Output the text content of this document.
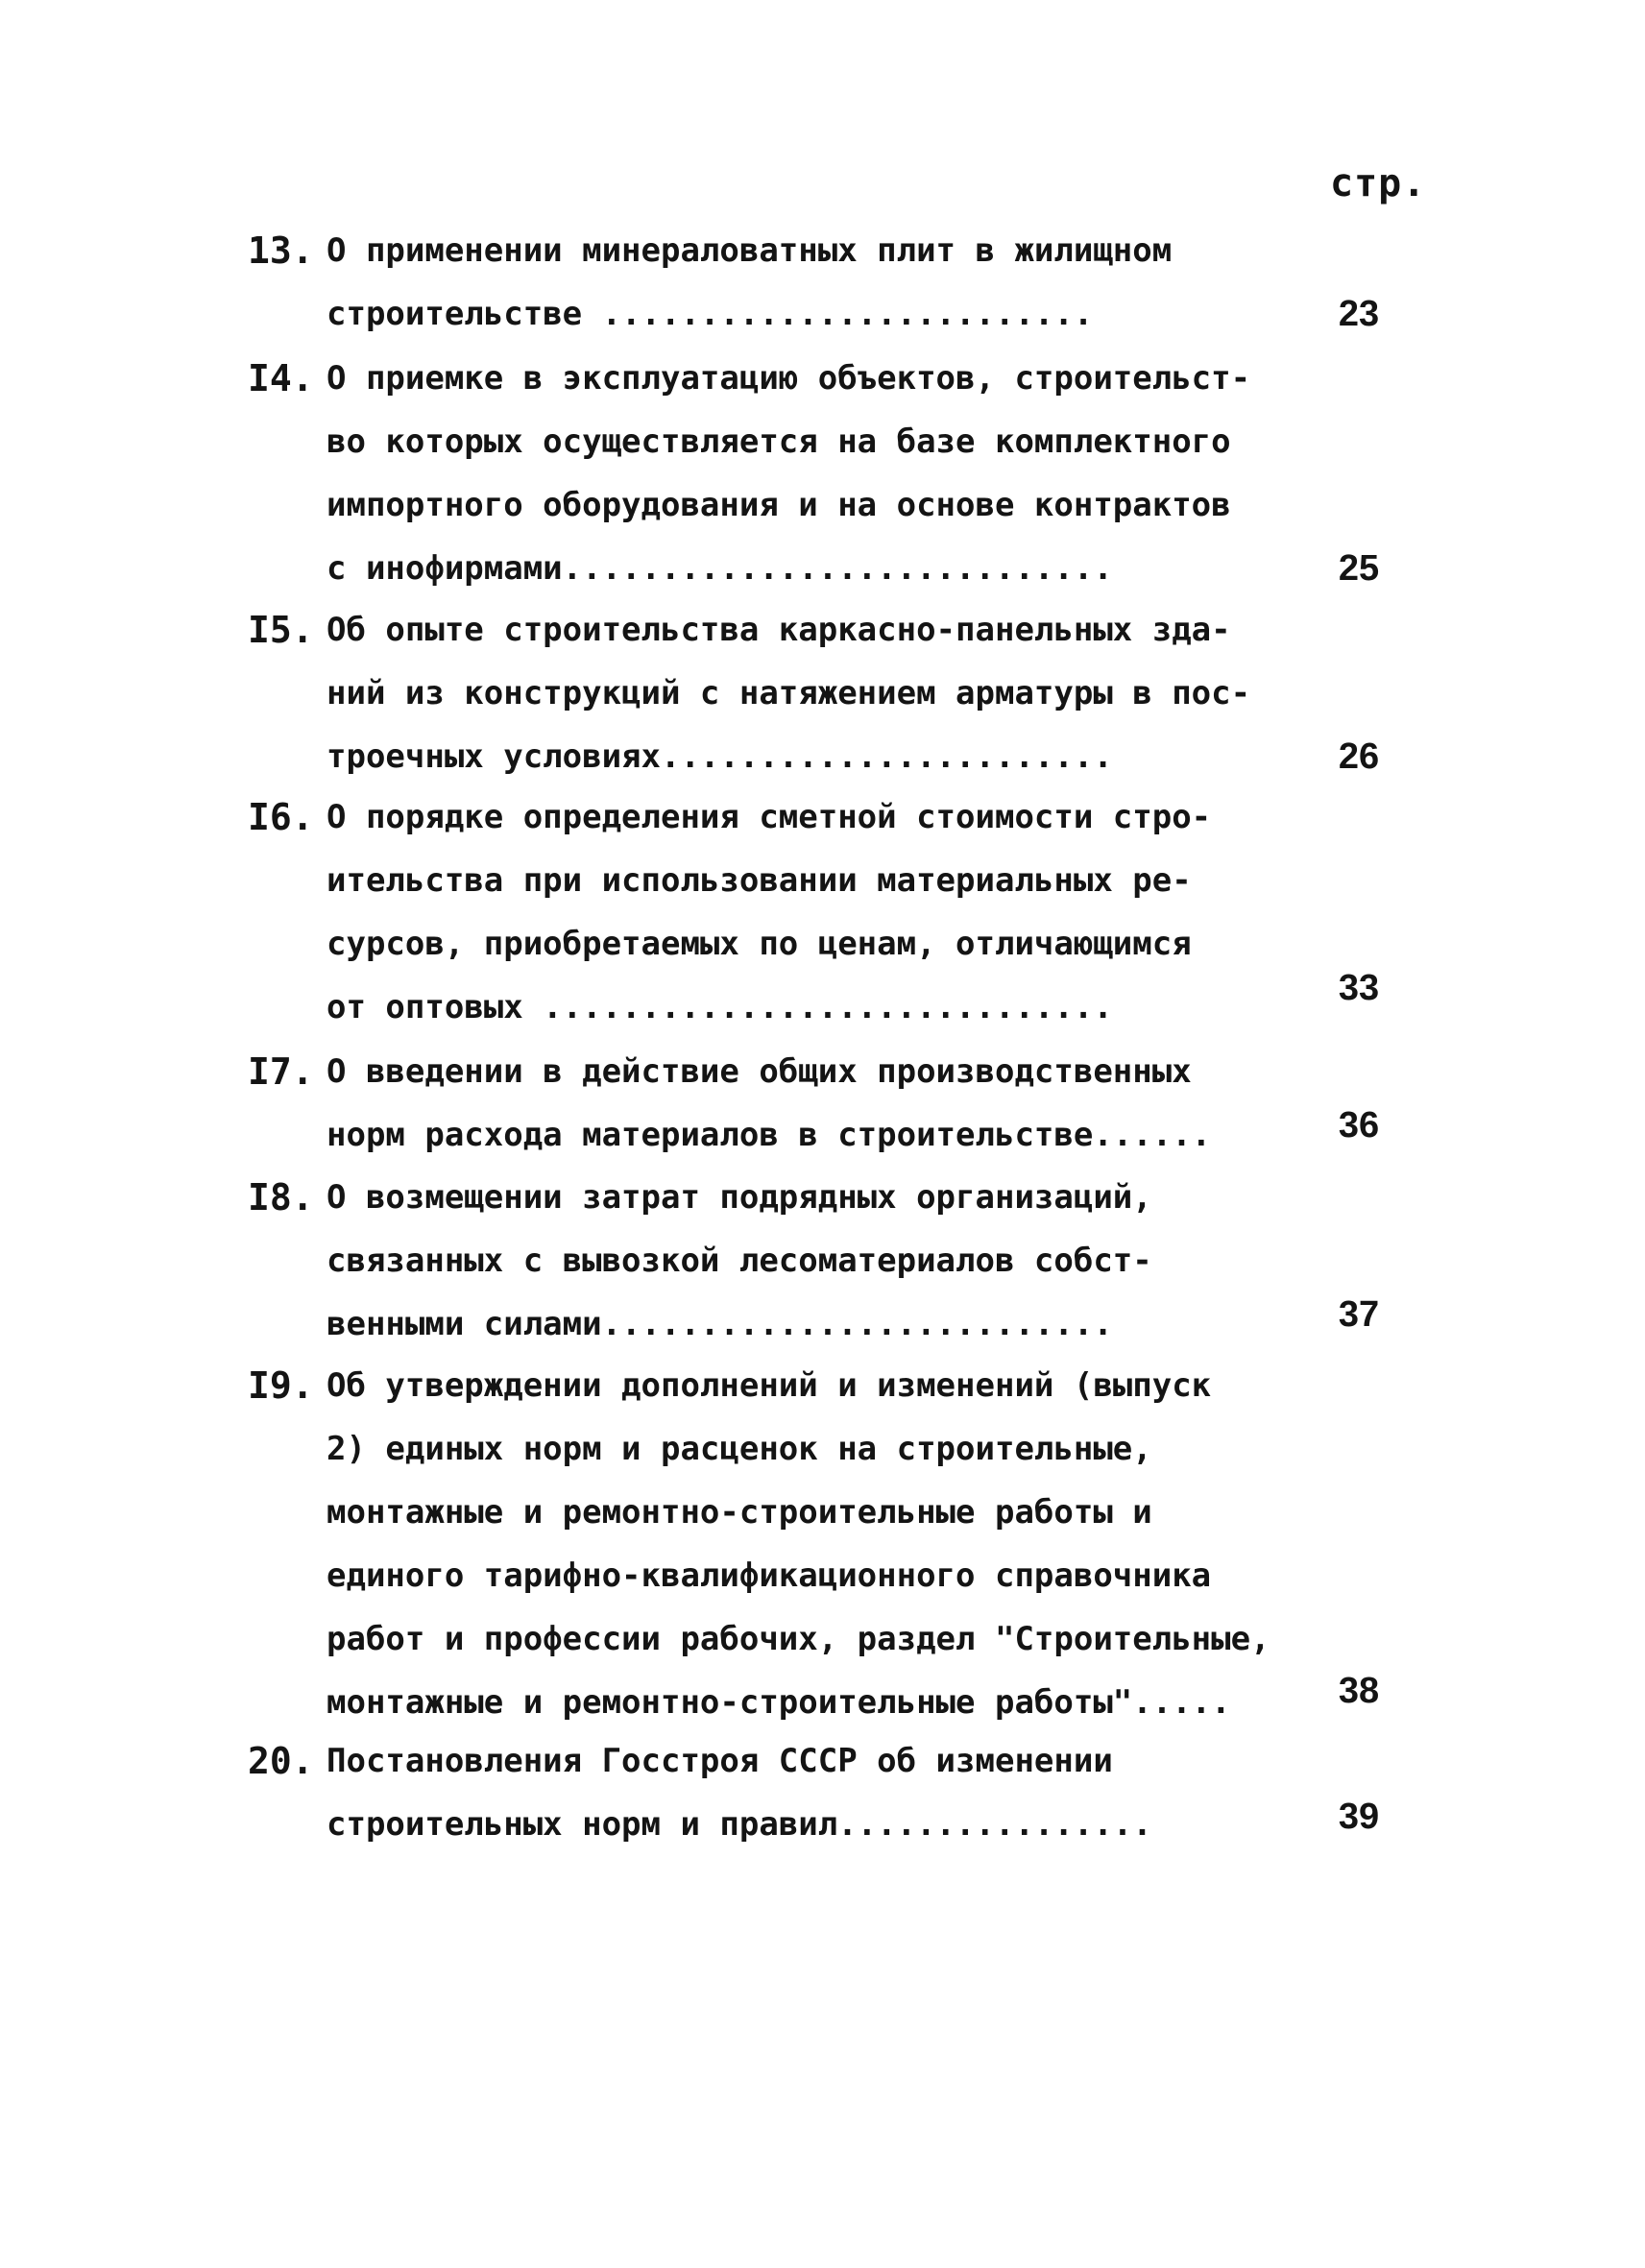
стр.
13. О применении минераловатных плит в жилищном
строительстве .........................	23
I4. О приемке в эксплуатацию объектов, строительст-
во которых осуществляется на базе комплектного
импортного оборудования и на основе контрактов
с инофирмами............................	25
I5. Об опыте строительства каркасно-панельных зда-
ний из конструкций с натяжением арматуры в пос-
троечных условиях.......................	26
I6. О порядке определения сметной стоимости стро-
ительства при использовании материальных ре-
сурсов, приобретаемых по ценам, отличающимся
от оптовых .............................	33
I7. О введении в действие общих производственных
норм расхода материалов в строительстве......	36
I8. О возмещении затрат подрядных организаций,
связанных с вывозкой лесоматериалов собст-
венными силами..........................	37
I9. Об утверждении дополнений и изменений (выпуск
2) единых норм и расценок на строительные,
монтажные и ремонтно-строительные работы и
единого тарифно-квалификационного справочника
работ и профессии рабочих, раздел "Строительные,
монтажные и ремонтно-строительные работы".....	38
20. Постановления Госстроя СССР об изменении
строительных норм и правил................	39
